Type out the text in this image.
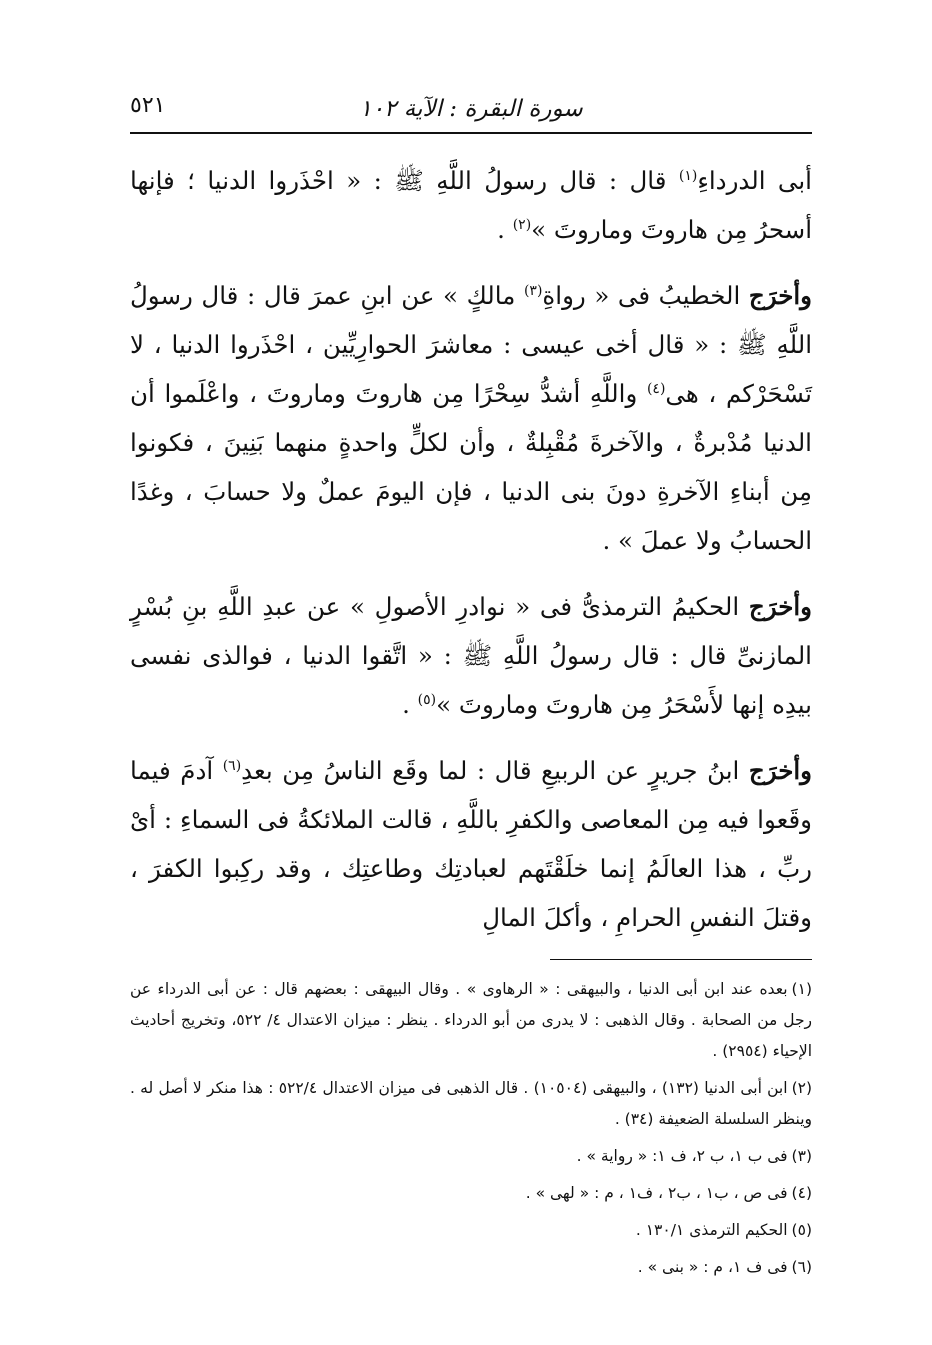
٥٢١	سورة البقرة : الآية ١٠٢

أبى الدرداءِ$^{(١)}$ قال : قال رسولُ اللَّهِ ﷺ : « احْذَروا الدنيا ؛ فإنها أسحرُ مِن هاروتَ وماروتَ »$^{(٢)}$ .

وأخرَج الخطيبُ فى « رواةِ$^{(٣)}$ مالكٍ » عن ابنِ عمرَ قال : قال رسولُ اللَّهِ ﷺ : « قال أخى عيسى : معاشرَ الحوارِيِّين ، احْذَروا الدنيا ، لا تَسْحَرْكم ، هى$^{(٤)}$ واللَّهِ أشدُّ سِحْرًا مِن هاروتَ وماروتَ ، واعْلَموا أن الدنيا مُدْبرةٌ ، والآخرةَ مُقْبِلةٌ ، وأن لكلٍّ واحدةٍ منهما بَنِينَ ، فكونوا مِن أبناءِ الآخرةِ دونَ بنى الدنيا ، فإن اليومَ عملٌ ولا حسابَ ، وغدًا الحسابُ ولا عملَ » .

وأخرَج الحكيمُ الترمذىُّ فى « نوادرِ الأصولِ » عن عبدِ اللَّهِ بنِ بُسْرٍ المازنىِّ قال : قال رسولُ اللَّهِ ﷺ : « اتَّقوا الدنيا ، فوالذى نفسى بيدِه إنها لأَسْحَرُ مِن هاروتَ وماروتَ »$^{(٥)}$ .

وأخرَج ابنُ جريرٍ عن الربيعِ قال : لما وقَع الناسُ مِن بعدِ$^{(٦)}$ آدمَ فيما وقَعوا فيه مِن المعاصى والكفرِ باللَّهِ ، قالت الملائكةُ فى السماءِ : أىْ ربِّ ، هذا العالَمُ إنما خلَقْتَهم لعبادتِك وطاعتِك ، وقد ركِبوا الكفرَ ، وقتلَ النفسِ الحرامِ ، وأكلَ المالِ

(١)بعده عند ابن أبى الدنيا ، والبيهقى : « الرهاوى » . وقال البيهقى : بعضهم قال : عن أبى الدرداء عن رجل من الصحابة . وقال الذهبى : لا يدرى من أبو الدرداء . ينظر : ميزان الاعتدال ٤/ ٥٢٢، وتخريج أحاديث الإحياء (٢٩٥٤) .
(٢)ابن أبى الدنيا (١٣٢) ، والبيهقى (١٠٥٠٤) . قال الذهبى فى ميزان الاعتدال ٥٢٢/٤ : هذا منكر لا أصل له . وينظر السلسلة الضعيفة (٣٤) .
(٣)فى ب ١، ب ٢، ف ١: « رواية » .
(٤)فى ص ، ب١ ، ب٢ ، ف١ ، م : « لهى » .
(٥)الحكيم الترمذى ١٣٠/١ .
(٦)فى ف ١، م : « بنى » .
